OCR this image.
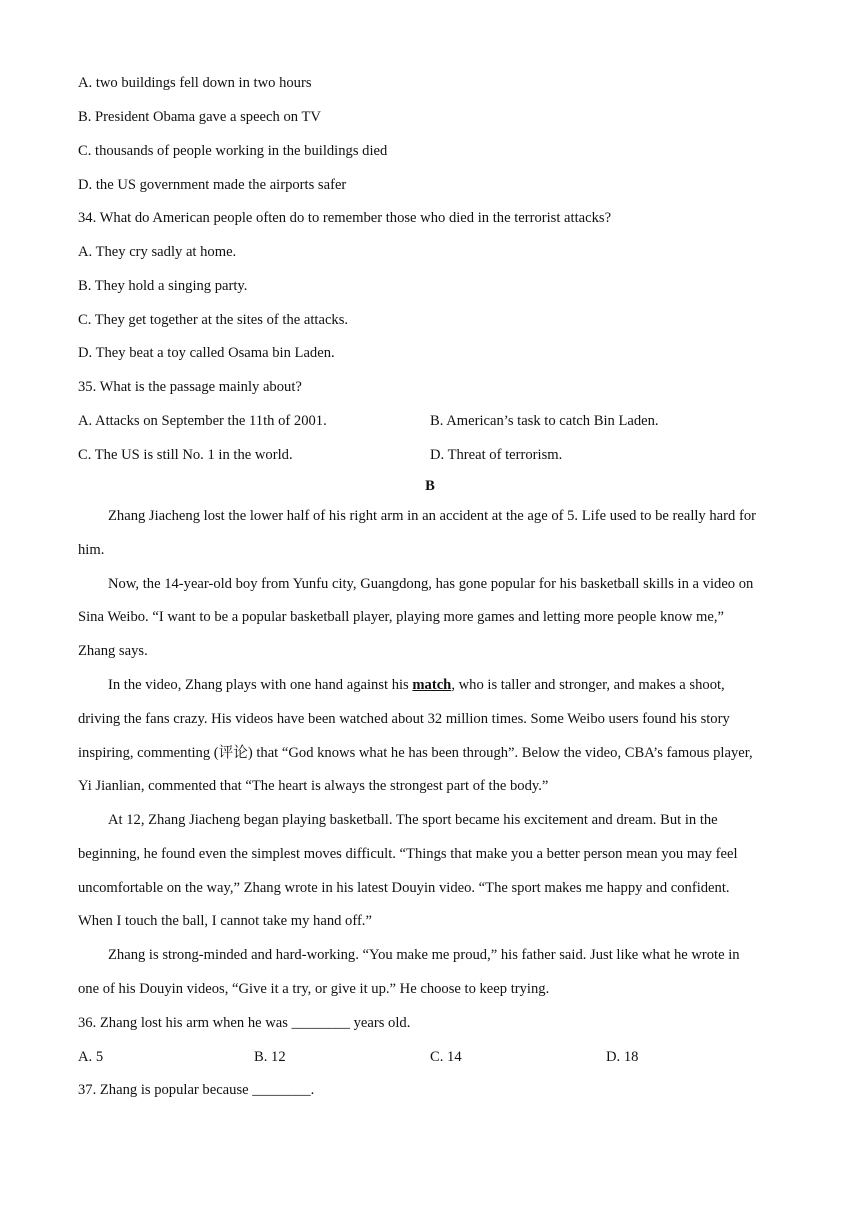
A. two buildings fell down in two hours
B. President Obama gave a speech on TV
C. thousands of people working in the buildings died
D. the US government made the airports safer
34. What do American people often do to remember those who died in the terrorist attacks?
A. They cry sadly at home.
B. They hold a singing party.
C. They get together at the sites of the attacks.
D. They beat a toy called Osama bin Laden.
35. What is the passage mainly about?
A. Attacks on September the 11th of 2001.	B. American’s task to catch Bin Laden.
C. The US is still No. 1 in the world.	D. Threat of terrorism.
B
Zhang Jiacheng lost the lower half of his right arm in an accident at the age of 5. Life used to be really hard for
him.
Now, the 14-year-old boy from Yunfu city, Guangdong, has gone popular for his basketball skills in a video on
Sina Weibo. “I want to be a popular basketball player, playing more games and letting more people know me,”
Zhang says.
In the video, Zhang plays with one hand against his match, who is taller and stronger, and makes a shoot,
driving the fans crazy. His videos have been watched about 32 million times. Some Weibo users found his story
inspiring, commenting (评论) that “God knows what he has been through”. Below the video, CBA’s famous player,
Yi Jianlian, commented that “The heart is always the strongest part of the body.”
At 12, Zhang Jiacheng began playing basketball. The sport became his excitement and dream. But in the
beginning, he found even the simplest moves difficult. “Things that make you a better person mean you may feel
uncomfortable on the way,” Zhang wrote in his latest Douyin video. “The sport makes me happy and confident.
When I touch the ball, I cannot take my hand off.”
Zhang is strong-minded and hard-working. “You make me proud,” his father said. Just like what he wrote in
one of his Douyin videos, “Give it a try, or give it up.” He choose to keep trying.
36. Zhang lost his arm when he was ________ years old.
A. 5	B. 12	C. 14	D. 18
37. Zhang is popular because ________.
